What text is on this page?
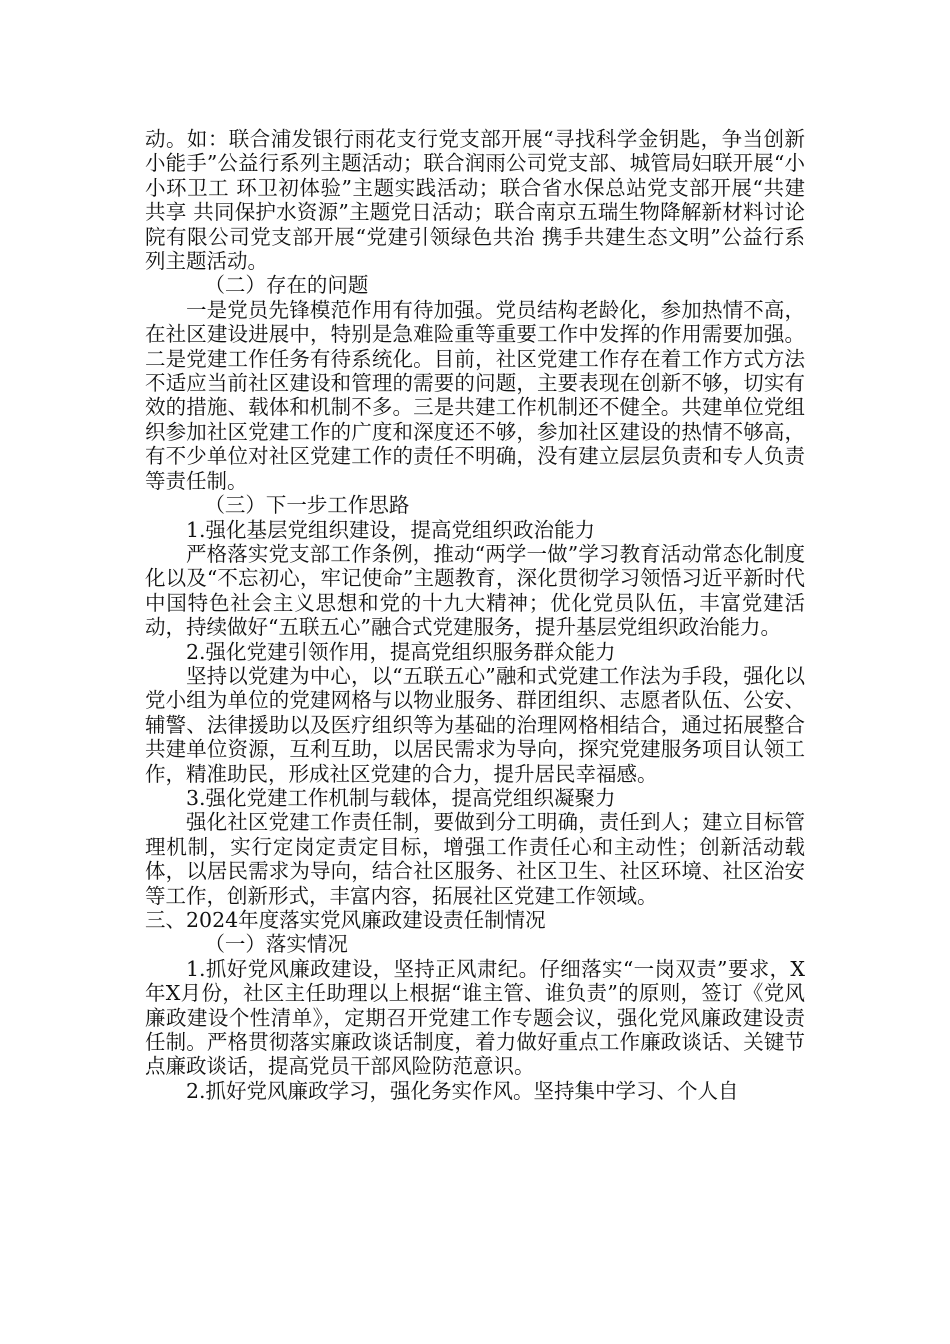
动。如：联合浦发银行雨花支行党支部开展“寻找科学金钥匙，争当创新小能手”公益行系列主题活动；联合润雨公司党支部、城管局妇联开展“小小环卫工 环卫初体验”主题实践活动；联合省水保总站党支部开展“共建共享 共同保护水资源”主题党日活动；联合南京五瑞生物降解新材料讨论院有限公司党支部开展“党建引领绿色共治 携手共建生态文明”公益行系列主题活动。

（二）存在的问题

一是党员先锋模范作用有待加强。党员结构老龄化，参加热情不高，在社区建设进展中，特别是急难险重等重要工作中发挥的作用需要加强。二是党建工作任务有待系统化。目前，社区党建工作存在着工作方式方法不适应当前社区建设和管理的需要的问题，主要表现在创新不够，切实有效的措施、载体和机制不多。三是共建工作机制还不健全。共建单位党组织参加社区党建工作的广度和深度还不够，参加社区建设的热情不够高，有不少单位对社区党建工作的责任不明确，没有建立层层负责和专人负责等责任制。

（三）下一步工作思路

1.强化基层党组织建设，提高党组织政治能力

严格落实党支部工作条例，推动“两学一做”学习教育活动常态化制度化以及“不忘初心，牢记使命”主题教育，深化贯彻学习领悟习近平新时代中国特色社会主义思想和党的十九大精神；优化党员队伍，丰富党建活动，持续做好“五联五心”融合式党建服务，提升基层党组织政治能力。

2.强化党建引领作用，提高党组织服务群众能力

坚持以党建为中心，以“五联五心”融和式党建工作法为手段，强化以党小组为单位的党建网格与以物业服务、群团组织、志愿者队伍、公安、辅警、法律援助以及医疗组织等为基础的治理网格相结合，通过拓展整合共建单位资源，互利互助，以居民需求为导向，探究党建服务项目认领工作，精准助民，形成社区党建的合力，提升居民幸福感。

3.强化党建工作机制与载体，提高党组织凝聚力

强化社区党建工作责任制，要做到分工明确，责任到人；建立目标管理机制，实行定岗定责定目标，增强工作责任心和主动性；创新活动载体，以居民需求为导向，结合社区服务、社区卫生、社区环境、社区治安等工作，创新形式，丰富内容，拓展社区党建工作领域。

三、2024年度落实党风廉政建设责任制情况

（一）落实情况

1.抓好党风廉政建设，坚持正风肃纪。仔细落实“一岗双责”要求，X年X月份，社区主任助理以上根据“谁主管、谁负责”的原则，签订《党风廉政建设个性清单》，定期召开党建工作专题会议，强化党风廉政建设责任制。严格贯彻落实廉政谈话制度，着力做好重点工作廉政谈话、关键节点廉政谈话，提高党员干部风险防范意识。

2.抓好党风廉政学习，强化务实作风。坚持集中学习、个人自
